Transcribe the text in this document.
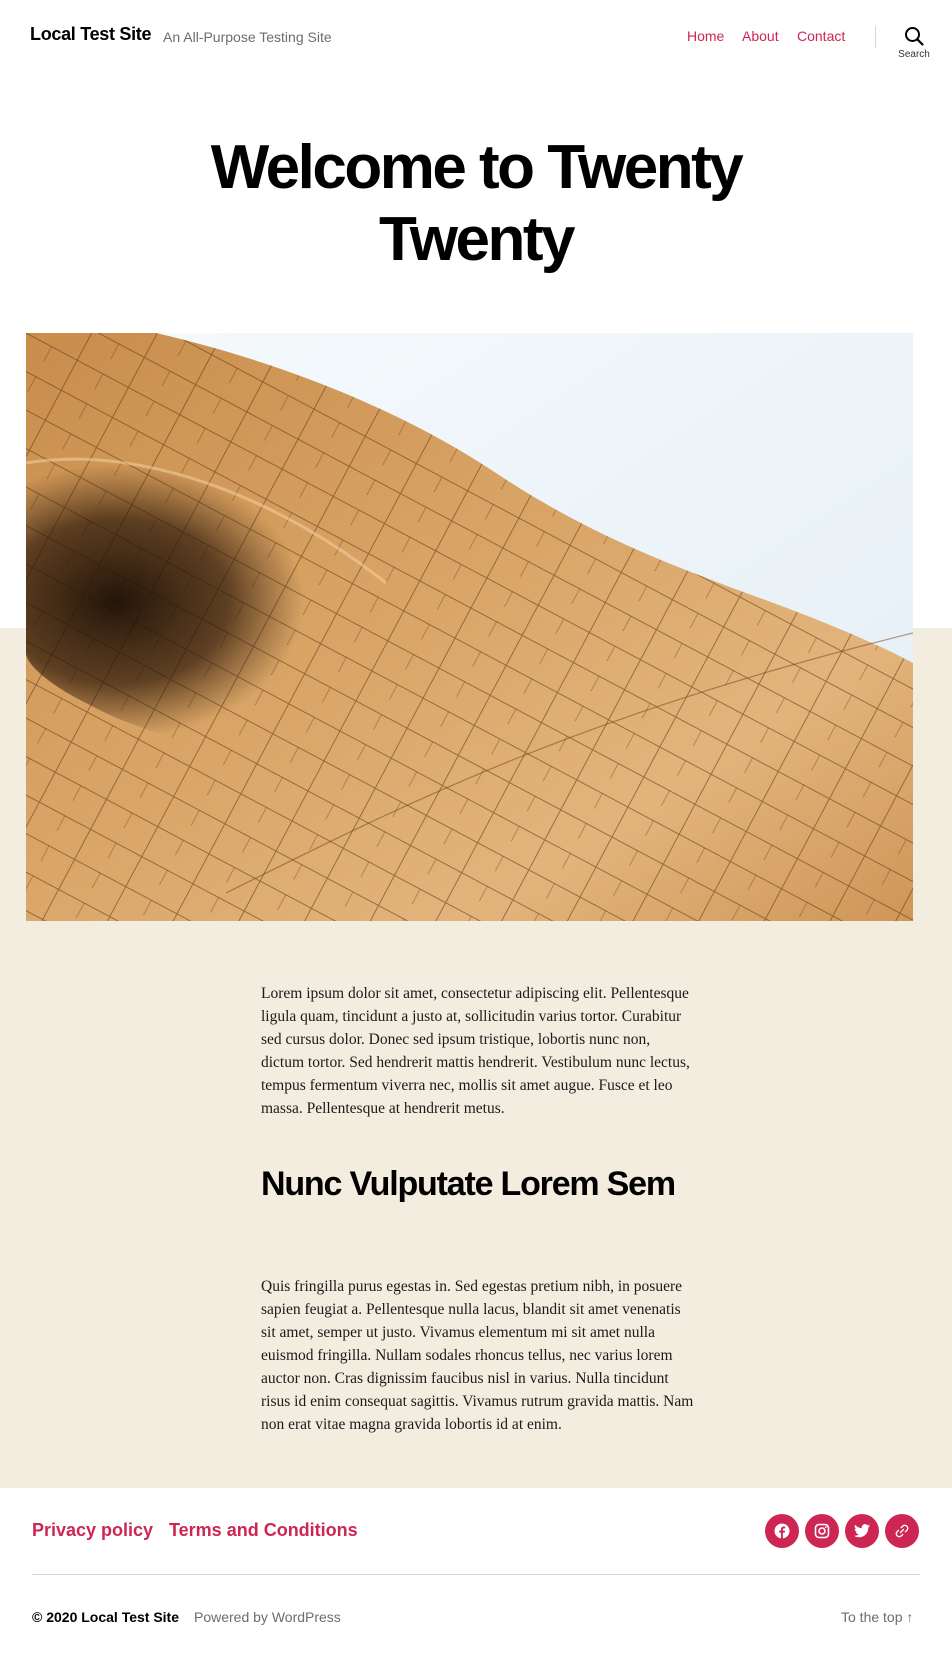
Local Test Site An All-Purpose Testing Site	Home About Contact
Search
Welcome to Twenty
Twenty

Lorem ipsum dolor sit amet, consectetur adipiscing elit. Pellentesque ligula quam, tincidunt a justo at, sollicitudin varius tortor. Curabitur sed cursus dolor. Donec sed ipsum tristique, lobortis nunc non, dictum tortor. Sed hendrerit mattis hendrerit. Vestibulum nunc lectus, tempus fermentum viverra nec, mollis sit amet augue. Fusce et leo massa. Pellentesque at hendrerit metus.

Nunc Vulputate Lorem Sem

Quis fringilla purus egestas in. Sed egestas pretium nibh, in posuere sapien feugiat a. Pellentesque nulla lacus, blandit sit amet venenatis sit amet, semper ut justo. Vivamus elementum mi sit amet nulla euismod fringilla. Nullam sodales rhoncus tellus, nec varius lorem auctor non. Cras dignissim faucibus nisl in varius. Nulla tincidunt risus id enim consequat sagittis. Vivamus rutrum gravida mattis. Nam non erat vitae magna gravida lobortis id at enim.

Privacy policy Terms and Conditions
© 2020 Local Test Site Powered by WordPress	To the top ↑
